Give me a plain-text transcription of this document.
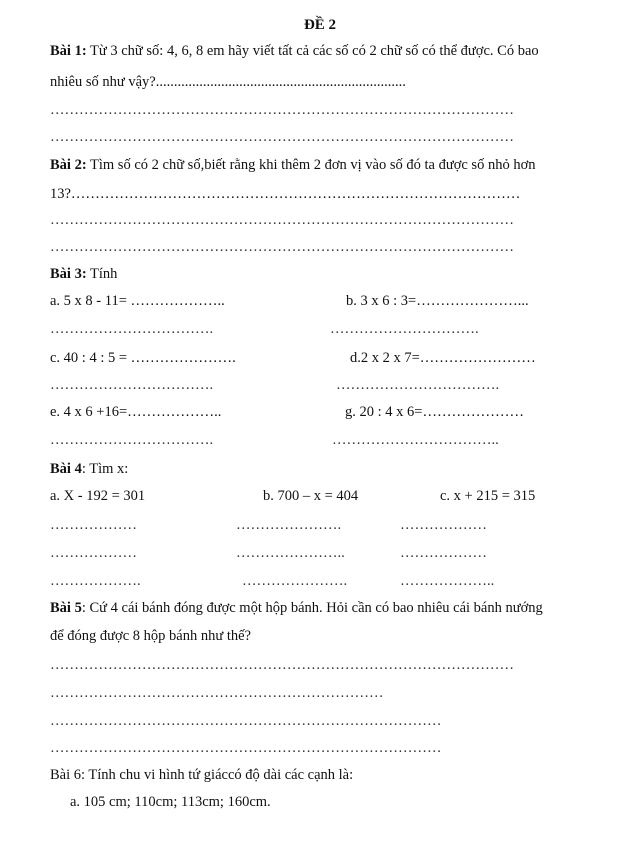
ĐỀ 2
Bài 1: Từ 3 chữ số: 4, 6, 8 em hãy viết tất cả các số có 2 chữ số có thể được. Có bao
nhiêu số như vậy?.....................................................................
……………………………………………………………………………………
……………………………………………………………………………………
Bài 2: Tìm số có 2 chữ số,biết rằng khi thêm 2 đơn vị vào số đó ta được số nhỏ hơn
13?…………………………………………………………………………………
……………………………………………………………………………………
……………………………………………………………………………………
Bài 3: Tính
a. 5 x 8 - 11= ………………..	b. 3 x 6 : 3=…………………...
…………………………….	………………………….
c. 40 : 4 : 5 = ………………….	d.2 x 2 x 7=……………………
…………………………….	…………………………….
e. 4 x 6 +16=………………..	g. 20 : 4 x 6=…………………
…………………………….	……………………………..
Bài 4: Tìm x:
a. X - 192 = 301	b. 700 – x = 404	c. x + 215 = 315
………………	………………….	………………
………………	…………………..	………………
……………….	………………….	………………..
Bài 5: Cứ 4 cái bánh đóng được một hộp bánh. Hỏi cần có bao nhiêu cái bánh nướng
để đóng được 8 hộp bánh như thế?
……………………………………………………………………………………
……………………………………………………………
………………………………………………………………………
………………………………………………………………………
Bài 6: Tính chu vi hình tứ giáccó độ dài các cạnh là:
a. 105 cm; 110cm; 113cm; 160cm.
